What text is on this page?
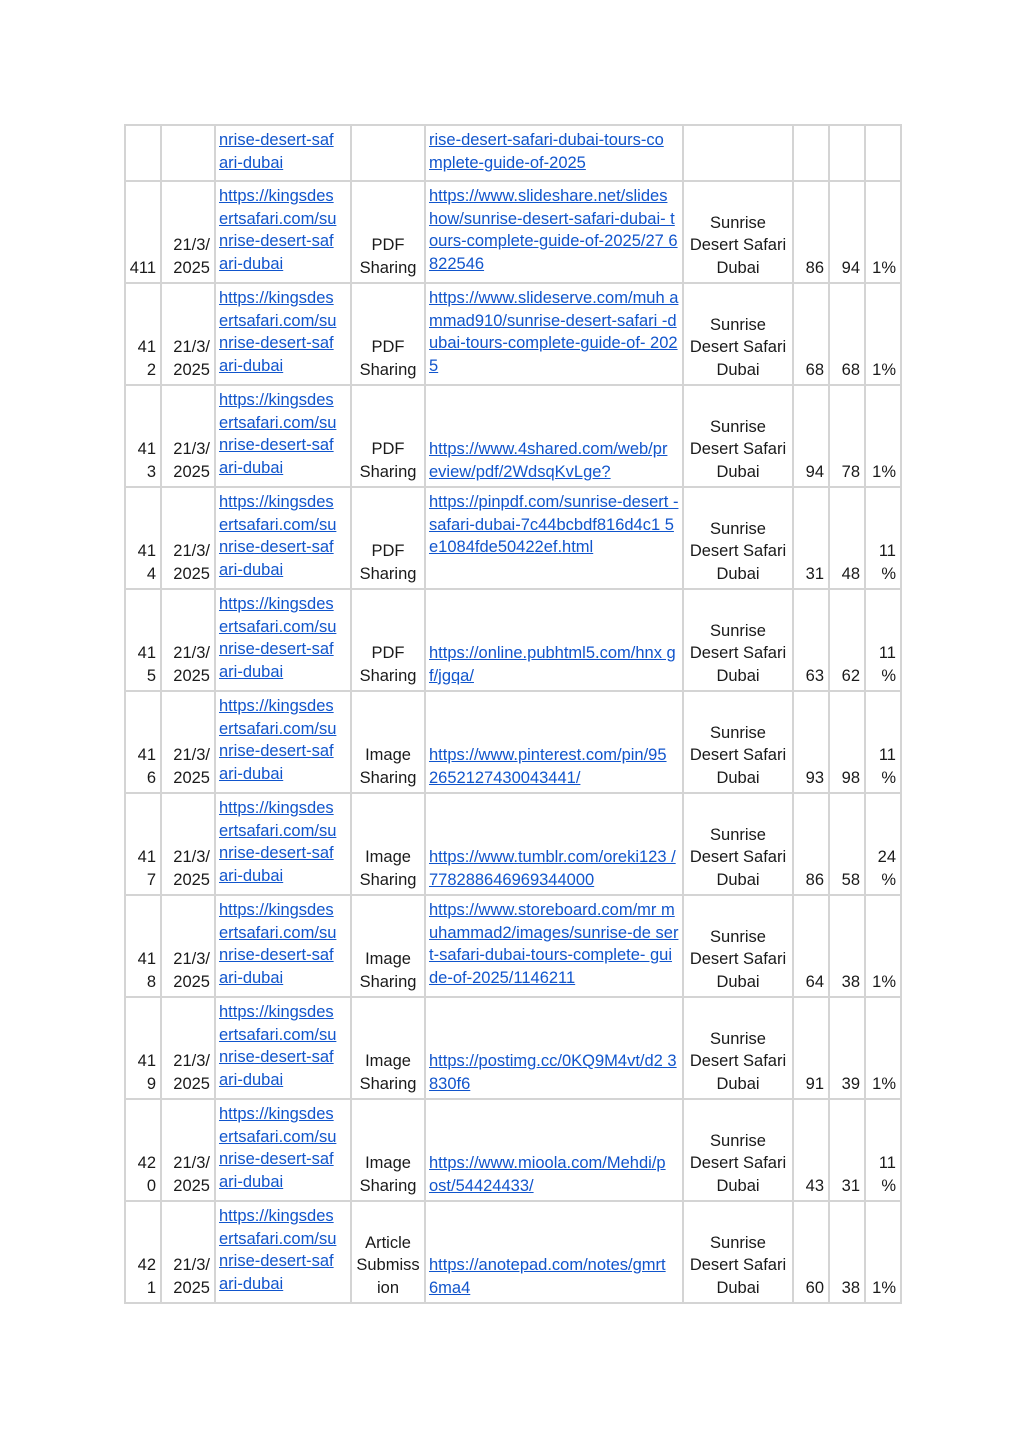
		nrise-desert-saf ari-dubai		rise-desert-safari-dubai-tours-co mplete-guide-of-2025				
411	21/3/ 2025	https://kingsdes ertsafari.com/su nrise-desert-saf ari-dubai	PDF Sharing	https://www.slideshare.net/slides how/sunrise-desert-safari-dubai- tours-complete-guide-of-2025/27 6822546	Sunrise Desert Safari Dubai	86	94	1%
41 2	21/3/ 2025	https://kingsdes ertsafari.com/su nrise-desert-saf ari-dubai	PDF Sharing	https://www.slideserve.com/muh ammad910/sunrise-desert-safari -dubai-tours-complete-guide-of- 2025	Sunrise Desert Safari Dubai	68	68	1%
41 3	21/3/ 2025	https://kingsdes ertsafari.com/su nrise-desert-saf ari-dubai	PDF Sharing	https://www.4shared.com/web/pr eview/pdf/2WdsqKvLge?	Sunrise Desert Safari Dubai	94	78	1%
41 4	21/3/ 2025	https://kingsdes ertsafari.com/su nrise-desert-saf ari-dubai	PDF Sharing	https://pinpdf.com/sunrise-desert -safari-dubai-7c44bcbdf816d4c1 5e1084fde50422ef.html	Sunrise Desert Safari Dubai	31	48	11 %
41 5	21/3/ 2025	https://kingsdes ertsafari.com/su nrise-desert-saf ari-dubai	PDF Sharing	https://online.pubhtml5.com/hnx gf/jgqa/	Sunrise Desert Safari Dubai	63	62	11 %
41 6	21/3/ 2025	https://kingsdes ertsafari.com/su nrise-desert-saf ari-dubai	Image Sharing	https://www.pinterest.com/pin/95 2652127430043441/	Sunrise Desert Safari Dubai	93	98	11 %
41 7	21/3/ 2025	https://kingsdes ertsafari.com/su nrise-desert-saf ari-dubai	Image Sharing	https://www.tumblr.com/oreki123 /778288646969344000	Sunrise Desert Safari Dubai	86	58	24 %
41 8	21/3/ 2025	https://kingsdes ertsafari.com/su nrise-desert-saf ari-dubai	Image Sharing	https://www.storeboard.com/mr muhammad2/images/sunrise-de sert-safari-dubai-tours-complete- guide-of-2025/1146211	Sunrise Desert Safari Dubai	64	38	1%
41 9	21/3/ 2025	https://kingsdes ertsafari.com/su nrise-desert-saf ari-dubai	Image Sharing	https://postimg.cc/0KQ9M4vt/d2 3830f6	Sunrise Desert Safari Dubai	91	39	1%
42 0	21/3/ 2025	https://kingsdes ertsafari.com/su nrise-desert-saf ari-dubai	Image Sharing	https://www.mioola.com/Mehdi/p ost/54424433/	Sunrise Desert Safari Dubai	43	31	11 %
42 1	21/3/ 2025	https://kingsdes ertsafari.com/su nrise-desert-saf ari-dubai	Article Submiss ion	https://anotepad.com/notes/gmrt 6ma4	Sunrise Desert Safari Dubai	60	38	1%
